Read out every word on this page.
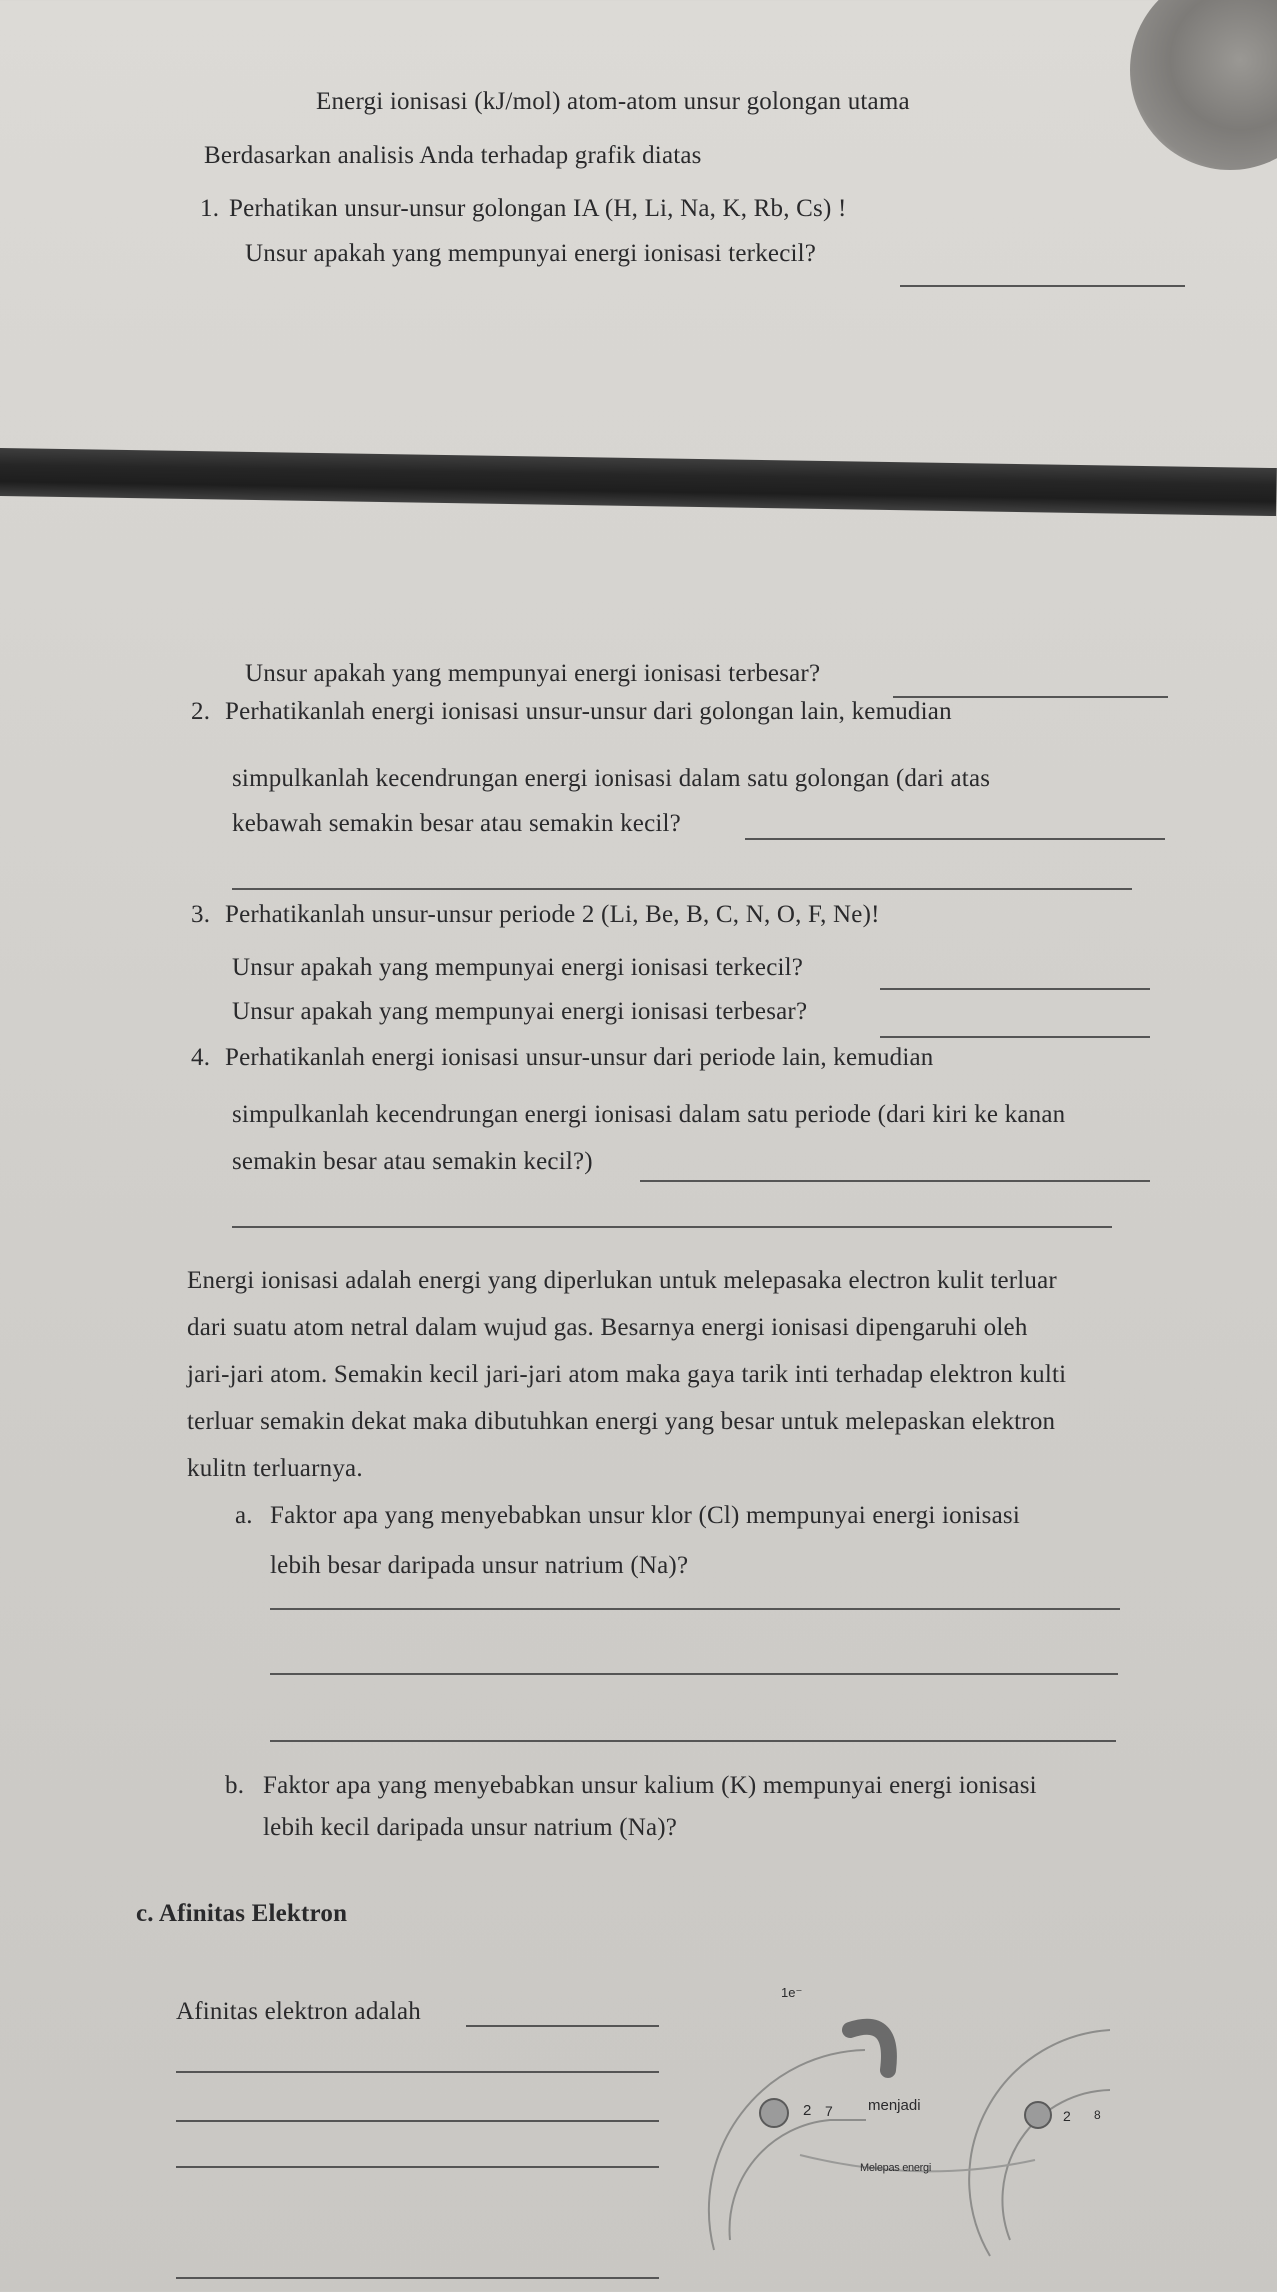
Energi ionisasi (kJ/mol) atom-atom unsur golongan utama
Berdasarkan analisis Anda terhadap grafik diatas
1. Perhatikan unsur-unsur golongan IA (H, Li, Na, K, Rb, Cs) !
Unsur apakah yang mempunyai energi ionisasi terkecil?
Unsur apakah yang mempunyai energi ionisasi terbesar?
2. Perhatikanlah energi ionisasi unsur-unsur dari golongan lain, kemudian
simpulkanlah kecendrungan energi ionisasi dalam satu golongan (dari atas
kebawah semakin besar atau semakin kecil?
3. Perhatikanlah unsur-unsur periode 2 (Li, Be, B, C, N, O, F, Ne)!
Unsur apakah yang mempunyai energi ionisasi terkecil?
Unsur apakah yang mempunyai energi ionisasi terbesar?
4. Perhatikanlah energi ionisasi unsur-unsur dari periode lain, kemudian
simpulkanlah kecendrungan energi ionisasi dalam satu periode (dari kiri ke kanan
semakin besar atau semakin kecil?)
Energi ionisasi adalah energi yang diperlukan untuk melepasaka electron kulit terluar
dari suatu atom netral dalam wujud gas. Besarnya energi ionisasi dipengaruhi oleh
jari-jari atom. Semakin kecil jari-jari atom maka gaya tarik inti terhadap elektron kulti
terluar semakin dekat maka dibutuhkan energi yang besar untuk melepaskan elektron
kulitn terluarnya.
a. Faktor apa yang menyebabkan unsur klor (Cl) mempunyai energi ionisasi
lebih besar daripada unsur natrium (Na)?
b. Faktor apa yang menyebabkan unsur kalium (K) mempunyai energi ionisasi
lebih kecil daripada unsur natrium (Na)?
c. Afinitas Elektron
Afinitas elektron adalah
1e⁻
2 7 menjadi
Melepas energi
2 8
